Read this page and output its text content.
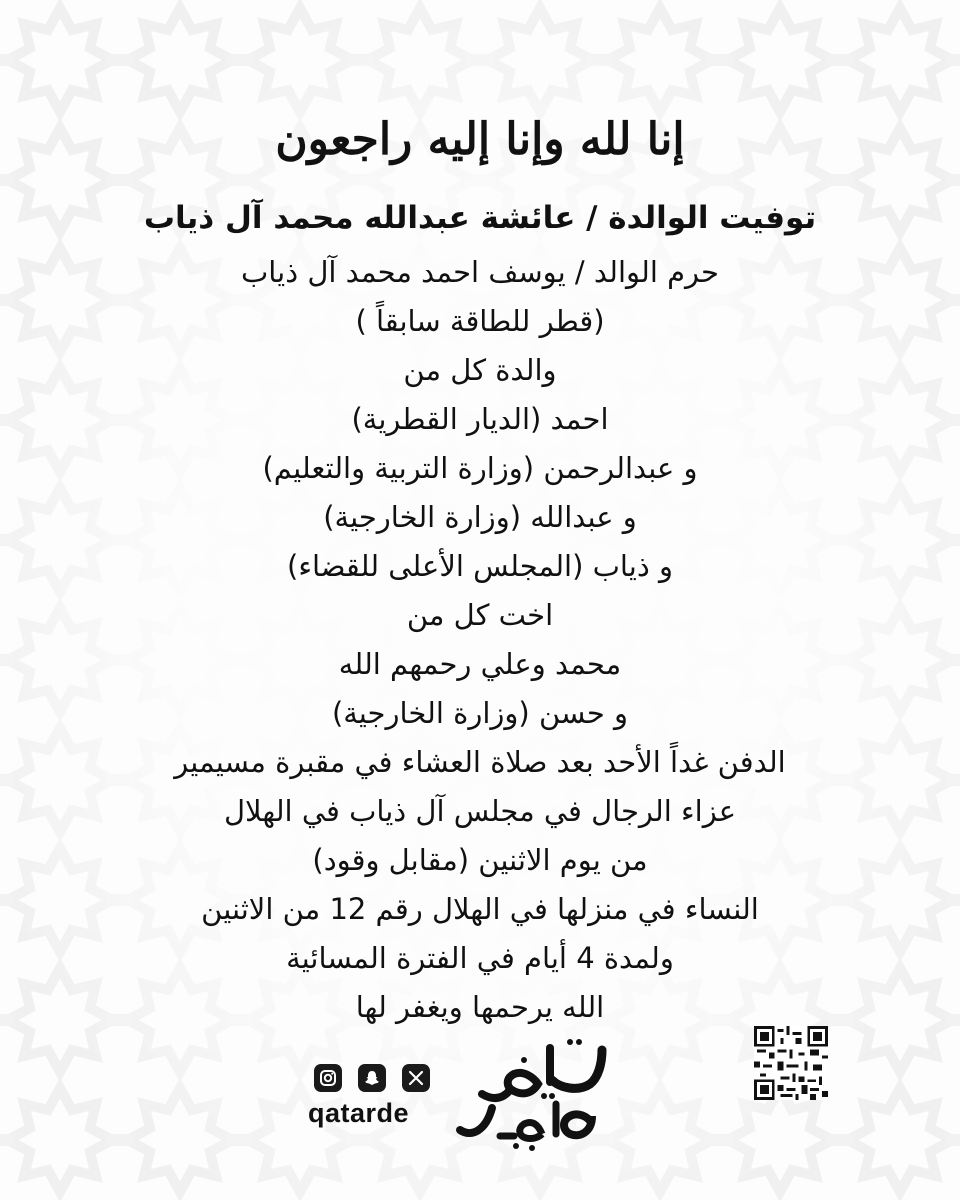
إنا لله وإنا إليه راجعون

توفيت الوالدة / عائشة عبدالله محمد آل ذياب

حرم الوالد / يوسف احمد محمد آل ذياب

(قطر للطاقة سابقاً )

والدة كل من

احمد (الديار القطرية)

و عبدالرحمن (وزارة التربية والتعليم)

و عبدالله (وزارة الخارجية)

و ذياب (المجلس الأعلى للقضاء)

اخت كل من

محمد وعلي رحمهم الله

و حسن (وزارة الخارجية)

الدفن غداً الأحد بعد صلاة العشاء في مقبرة مسيمير

عزاء الرجال في مجلس آل ذياب في الهلال

من يوم الاثنين (مقابل وقود)

النساء في منزلها في الهلال رقم 12 من الاثنين

ولمدة 4 أيام في الفترة المسائية

الله يرحمها ويغفر لها

qatarde
